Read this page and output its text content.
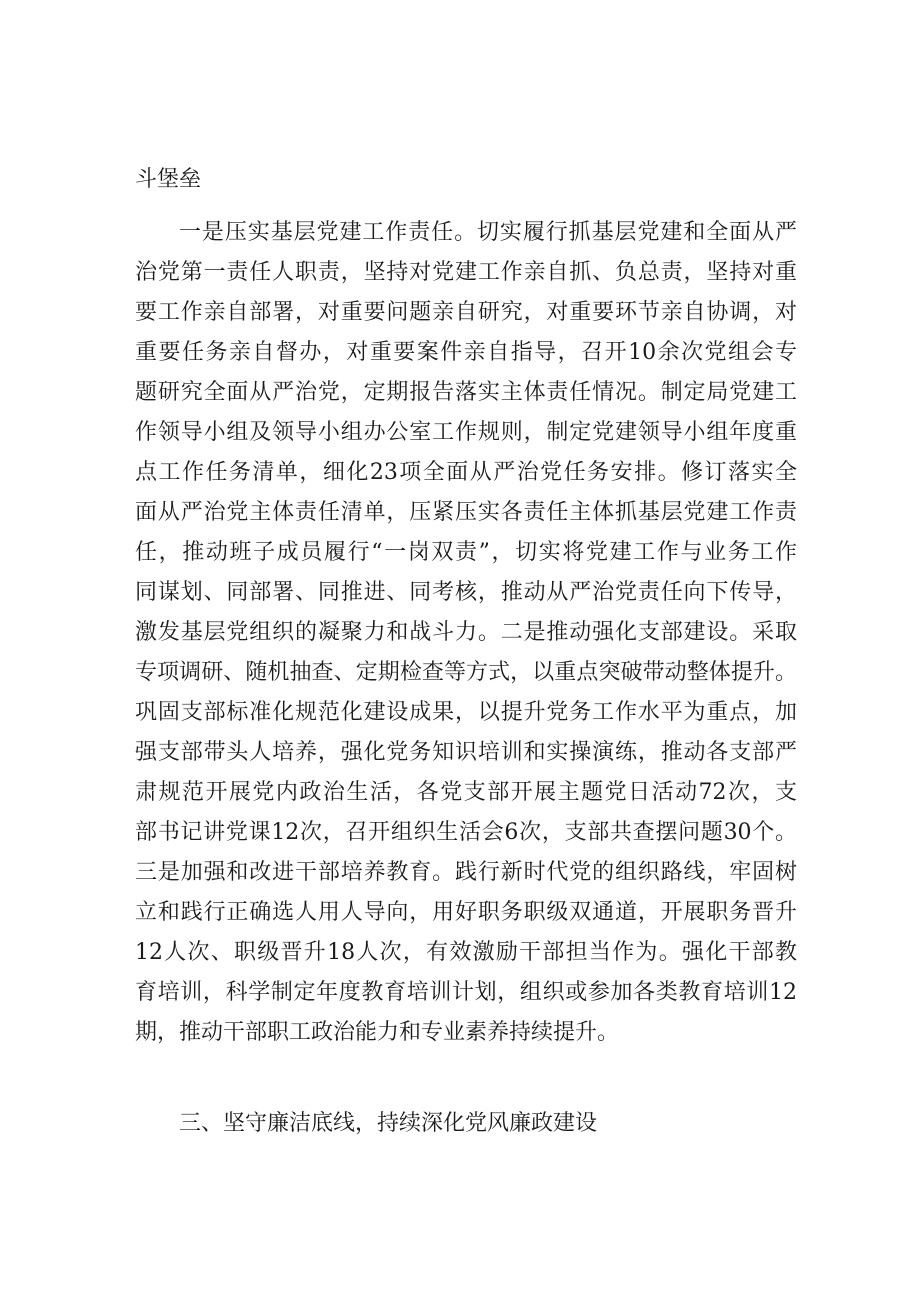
斗堡垒
一是压实基层党建工作责任。切实履行抓基层党建和全面从严
治党第一责任人职责，坚持对党建工作亲自抓、负总责，坚持对重
要工作亲自部署，对重要问题亲自研究，对重要环节亲自协调，对
重要任务亲自督办，对重要案件亲自指导，召开10余次党组会专
题研究全面从严治党，定期报告落实主体责任情况。制定局党建工
作领导小组及领导小组办公室工作规则，制定党建领导小组年度重
点工作任务清单，细化23项全面从严治党任务安排。修订落实全
面从严治党主体责任清单，压紧压实各责任主体抓基层党建工作责
任，推动班子成员履行“一岗双责”，切实将党建工作与业务工作
同谋划、同部署、同推进、同考核，推动从严治党责任向下传导，
激发基层党组织的凝聚力和战斗力。二是推动强化支部建设。采取
专项调研、随机抽查、定期检查等方式，以重点突破带动整体提升。
巩固支部标准化规范化建设成果，以提升党务工作水平为重点，加
强支部带头人培养，强化党务知识培训和实操演练，推动各支部严
肃规范开展党内政治生活，各党支部开展主题党日活动72次，支
部书记讲党课12次，召开组织生活会6次，支部共查摆问题30个。
三是加强和改进干部培养教育。践行新时代党的组织路线，牢固树
立和践行正确选人用人导向，用好职务职级双通道，开展职务晋升
12人次、职级晋升18人次，有效激励干部担当作为。强化干部教
育培训，科学制定年度教育培训计划，组织或参加各类教育培训12
期，推动干部职工政治能力和专业素养持续提升。
三、坚守廉洁底线，持续深化党风廉政建设
